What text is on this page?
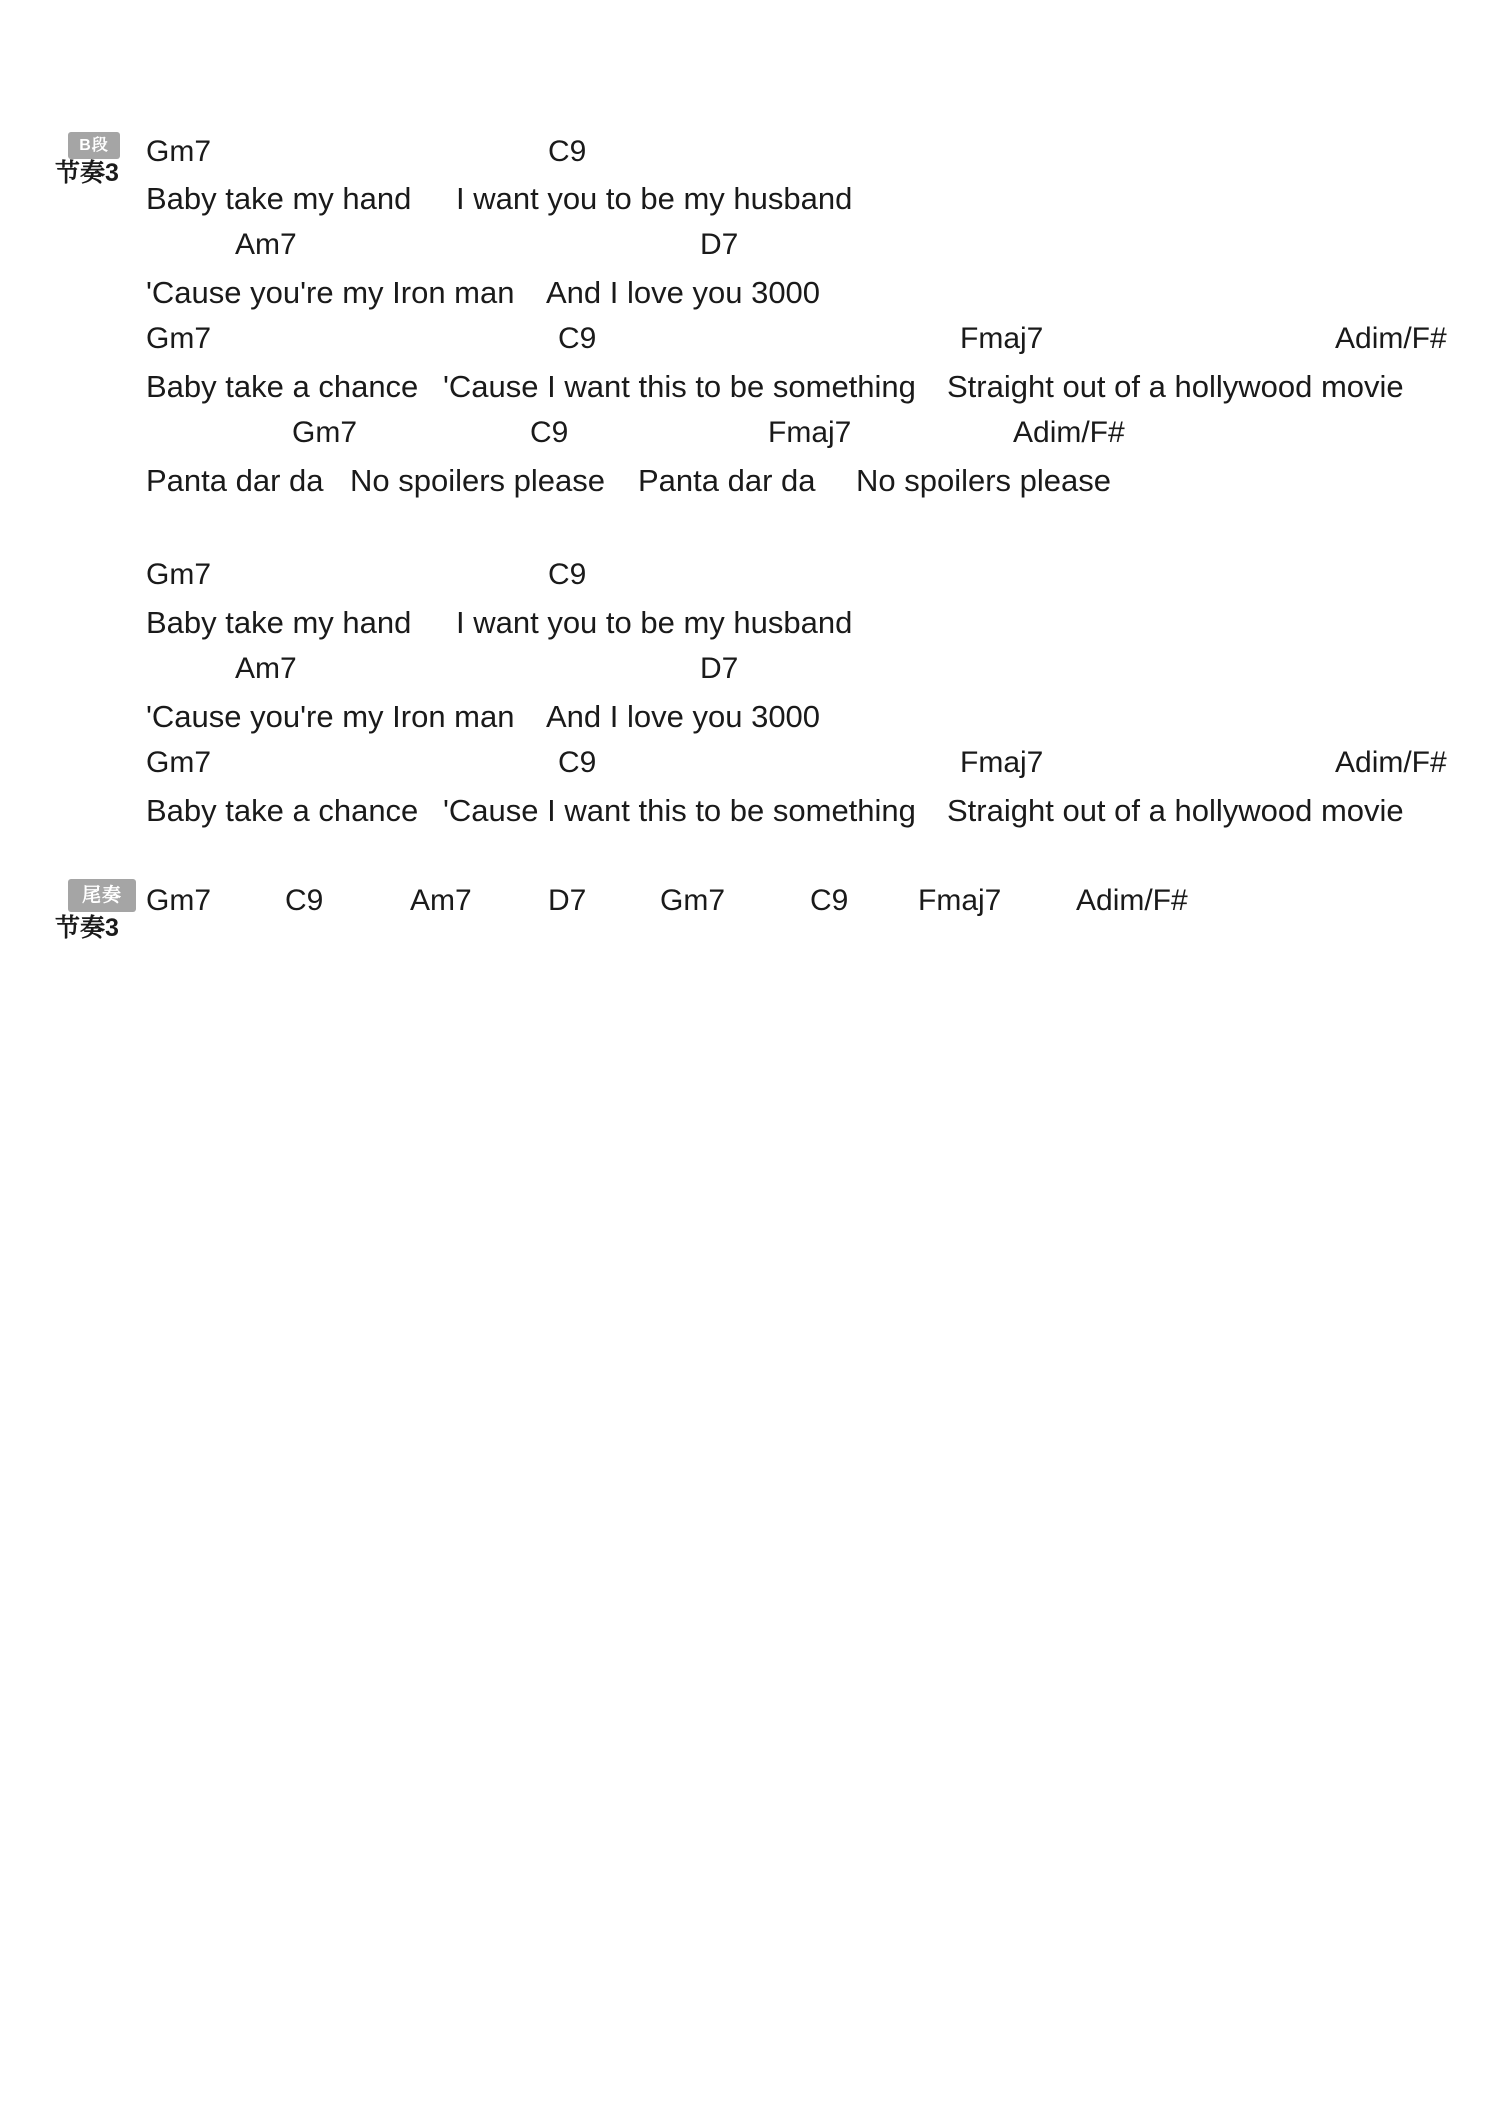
B段
节奏3
尾奏
节奏3
Gm7	C9
Baby take my hand I want you to be my husband
Am7	D7
'Cause you're my Iron man And I love you 3000
Gm7	C9	Fmaj7	Adim/F#
Baby take a chance 'Cause I want this to be something Straight out of a hollywood movie
Gm7	C9	Fmaj7	Adim/F#
Panta dar da No spoilers please Panta dar da No spoilers please
Gm7	C9
Baby take my hand I want you to be my husband
Am7	D7
'Cause you're my Iron man And I love you 3000
Gm7	C9	Fmaj7	Adim/F#
Baby take a chance 'Cause I want this to be something Straight out of a hollywood movie
Gm7 C9	Am7	D7 Gm7	C9 Fmaj7 Adim/F#
